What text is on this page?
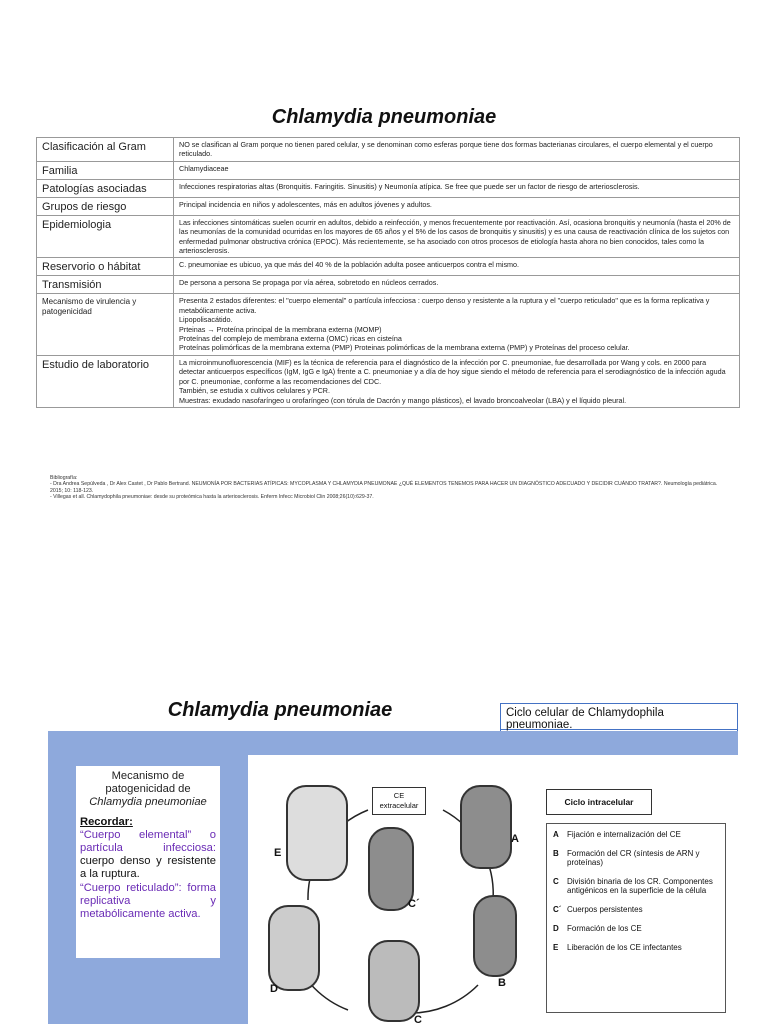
Chlamydia pneumoniae
Clasificación al Gram	NO se clasifican al Gram porque no tienen pared celular, y se denominan como esferas porque tiene dos formas bacterianas circulares, el cuerpo elemental y el cuerpo reticulado.
Familia	Chlamydiaceae
Patologías asociadas	Infecciones respiratorias altas (Bronquitis. Faringitis. Sinusitis) y Neumonía atípica. Se free que puede ser un factor de riesgo de arteriosclerosis.
Grupos de riesgo	Principal incidencia en niños y adolescentes, más en adultos jóvenes y adultos.
Epidemiologia	Las infecciones sintomáticas suelen ocurrir en adultos, debido a reinfección, y menos frecuentemente por reactivación. Así, ocasiona bronquitis y neumonía (hasta el 20% de las neumonías de la comunidad ocurridas en los mayores de 65 años y el 5% de los casos de bronquitis y sinusitis) y es una causa de reactivación clínica de los sujetos con enfermedad pulmonar obstructiva crónica (EPOC). Más recientemente, se ha asociado con otros procesos de etiología hasta ahora no bien conocidos, tales como la arteriosclerosis.
Reservorio o hábitat	C. pneumoniae es ubicuo, ya que más del 40 % de la población adulta posee anticuerpos contra el mismo.
Transmisión	De persona a persona Se propaga por vía aérea, sobretodo en núcleos cerrados.
Mecanismo de virulencia y patogenicidad	Presenta 2 estados diferentes: el "cuerpo elemental" o partícula infecciosa : cuerpo denso y resistente a la ruptura y el "cuerpo reticulado" que es la forma replicativa y metabólicamente activa.
Lipopolisacátido.
Prteinas → Proteína principal de la membrana externa (MOMP)
Proteínas del complejo de membrana externa (OMC) ricas en cisteína
Proteínas polimórficas de la membrana externa (PMP) Proteinas polimórficas de la membrana externa (PMP) y Proteínas del proceso celular.
Estudio de laboratorio	La microinmunofluorescencia (MIF) es la técnica de referencia para el diagnóstico de la infección por C. pneumoniae, fue desarrollada por Wang y cols. en 2000 para detectar anticuerpos específicos (IgM, IgG e IgA) frente a C. pneumoniae y a día de hoy sigue siendo el método de referencia para el serodiagnóstico de la infección aguda por C. pneumoniae, conforme a las recomendaciones del CDC.
También, se estudia x cultivos celulares y PCR.
Muestras: exudado nasofaríngeo u orofaríngeo (con tórula de Dacrón y mango plásticos), el lavado broncoalveolar (LBA) y el líquido pleural.
Bibliografía:
- Dra Andrea Sepúlveda , Dr Alex Castet , Dr Pablo Bertrand. NEUMONÍA POR BACTERIAS ATÍPICAS: MYCOPLASMA Y CHLAMYDIA PNEUMONAE ¿QUÉ ELEMENTOS TENEMOS PARA HACER UN DIAGNÓSTICO ADECUADO Y DECIDIR CUÁNDO TRATAR?. Neumología pediátrica. 2015; 10: 118-123.
- Villegas et all. Chlamydophila pneumoniae: desde su proteómica hasta la arteriosclerosis. Enferm Infecc Microbiol Clin 2008;26(10):629-37.
Chlamydia pneumoniae	Ciclo celular de Chlamydophila pneumoniae.
Mecanismo de
patogenicidad de
Chlamydia pneumoniae
Recordar:
“Cuerpo elemental” o partícula infecciosa: cuerpo denso y resistente a la ruptura.
“Cuerpo reticulado”: forma replicativa y metabólicamente activa.
CE
extracelular
E
A
C´
B
D
C
Ciclo intracelular
A	Fijación e internalización del CE
B	Formación del CR (síntesis de ARN y proteínas)
C	División binaria de los CR. Componentes antigénicos en la superficie de la célula
C´ Cuerpos persistentes
D	Formación de los CE
E	Liberación de los CE infectantes
